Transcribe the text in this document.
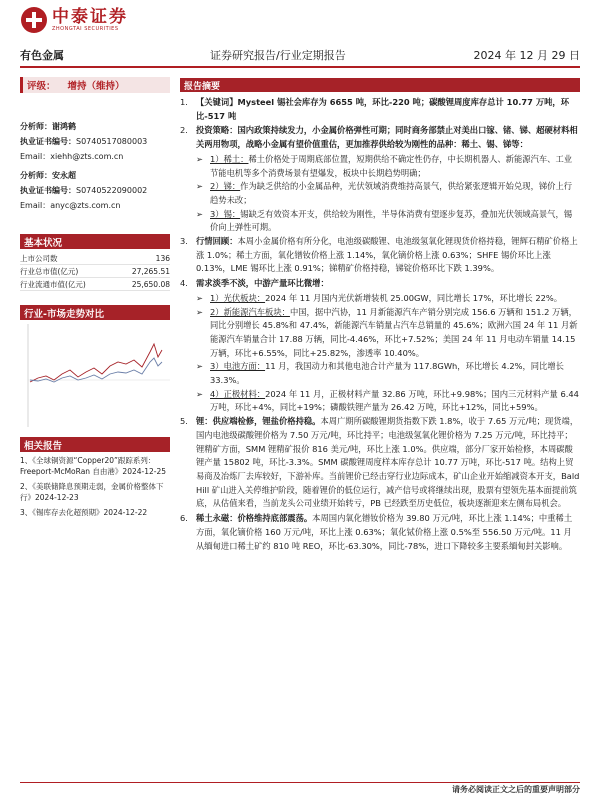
中泰证券
ZHONGTAI SECURITIES
有色金属	证券研究报告/行业定期报告	2024 年 12 月 29 日
评级： 增持（维持）
分析师：谢鸿鹤
执业证书编号：S0740517080003
Email：xiehh@zts.com.cn
分析师：安永超
执业证书编号：S0740522090002
Email：anyc@zts.com.cn
基本状况
上市公司数	136
行业总市值(亿元)	27,265.51
行业流通市值(亿元)	25,650.08
行业-市场走势对比
相关报告
1、《全球铜资源“Copper20”跟踪系列：Freeport-McMoRan 自由港》2024-12-25
2、《美联储降息预期走弱，金属价格整体下行》2024-12-23
3、《锡库存去化超预期》2024-12-22
报告摘要
1. 【关键词】Mysteel 锡社会库存为 6655 吨，环比-220 吨；碳酸锂周度库存总计 10.77 万吨，环比-517 吨
2. 投资策略：国内政策持续发力，小金属价格弹性可期；同时商务部禁止对美出口镓、锗、锑、超硬材料相关两用物项，战略小金属有望价值重估，更加推荐供给较为刚性的品种：稀土、锡、锑等：
➢ 1）稀土：稀土价格处于周期底部位置，短期供给不确定性仍存，中长期机器人、新能源汽车、工业节能电机等多个消费场景有望爆发，板块中长期趋势明确；
➢ 2）锑：作为缺乏供给的小金属品种，光伏领域消费维持高景气，供给紧张逻辑开始兑现，锑价上行趋势未改；
➢ 3）锡：锡缺乏有效资本开支，供给较为刚性，半导体消费有望逐步复苏，叠加光伏领域高景气，锡价向上弹性可期。
3. 行情回顾：本周小金属价格有所分化，电池级碳酸锂、电池级氢氧化锂现货价格持稳，锂辉石精矿价格上涨 1.0%；稀土方面，氧化镨钕价格上涨 1.14%，氧化镝价格上涨 0.63%；SHFE 锡价环比上涨 0.13%，LME 锡环比上涨 0.91%；锑精矿价格持稳，锑锭价格环比下跌 1.39%。
4. 需求淡季不淡，中游产量环比微增：
➢ 1）光伏板块：2024 年 11 月国内光伏新增装机 25.00GW，同比增长 17%，环比增长 22%。
➢ 2）新能源汽车板块：中国，据中汽协，11 月新能源汽车产销分别完成 156.6 万辆和 151.2 万辆，同比分别增长 45.8%和 47.4%，新能源汽车销量占汽车总销量的 45.6%；欧洲六国 24 年 11 月新能源汽车销量合计 17.88 万辆，同比-4.46%，环比+7.52%；美国 24 年 11 月电动车销量 14.15 万辆，环比+6.55%，同比+25.82%，渗透率 10.40%。
➢ 3）电池方面：11 月，我国动力和其他电池合计产量为 117.8GWh，环比增长 4.2%，同比增长 33.3%。
➢ 4）正极材料：2024 年 11 月，正极材料产量 32.86 万吨，环比+9.98%；国内三元材料产量 6.44 万吨，环比+4%，同比+19%；磷酸铁锂产量为 26.42 万吨，环比+12%，同比+59%。
5. 锂：供应端检修，锂盐价格持稳。本周广期所碳酸锂期货指数下跌 1.8%，收于 7.65 万元/吨；现货端，国内电池级碳酸锂价格为 7.50 万元/吨，环比持平；电池级氢氧化锂价格为 7.25 万元/吨，环比持平；锂精矿方面，SMM 锂精矿报价 816 美元/吨，环比上涨 1.0%。供应端，部分厂家开始检修，本周碳酸锂产量 15802 吨，环比-3.3%。SMM 碳酸锂周度样本库存总计 10.77 万吨，环比-517 吨。结构上贸易商及冶炼厂去库较好，下游补库。当前锂价已经击穿行业边际成本，矿山企业开始缩减资本开支，Bald Hill 矿山进入关停维护阶段，随着锂价的低位运行，减产信号或将继续出现，股票有望领先基本面提前筑底，从估值来看，当前龙头公司业绩开始转亏，PB 已经跌至历史低位，板块逐渐迎来左侧布局机会。
6. 稀土永磁：价格维持底部震荡。本周国内氧化镨钕价格为 39.80 万元/吨，环比上涨 1.14%；中重稀土方面，氧化镝价格 160 万元/吨，环比上涨 0.63%；氧化铽价格上涨 0.5%至 556.50 万元/吨。11 月从缅甸进口稀土矿约 810 吨 REO，环比-63.30%，同比-78%，进口下降较多主要系缅甸封关影响。
请务必阅读正文之后的重要声明部分
